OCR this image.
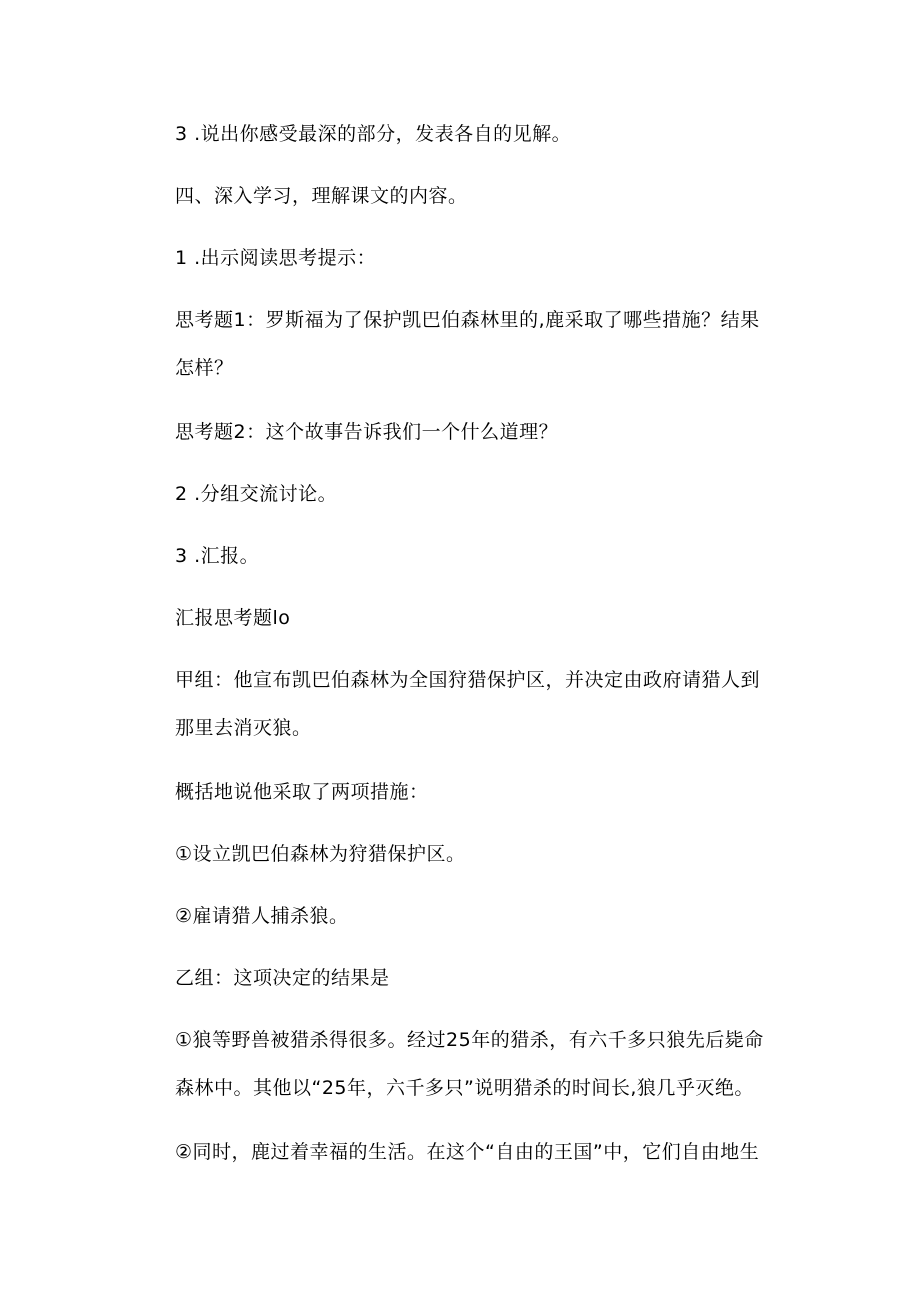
3 .说出你感受最深的部分，发表各自的见解。
四、深入学习，理解课文的内容。
1 .出示阅读思考提示：
思考题1：罗斯福为了保护凯巴伯森林里的,鹿采取了哪些措施？结果
怎样？
思考题2：这个故事告诉我们一个什么道理？
2 .分组交流讨论。
3 .汇报。
汇报思考题lo
甲组：他宣布凯巴伯森林为全国狩猎保护区，并决定由政府请猎人到
那里去消灭狼。
概括地说他采取了两项措施：
①设立凯巴伯森林为狩猎保护区。
②雇请猎人捕杀狼。
乙组：这项决定的结果是
①狼等野兽被猎杀得很多。经过25年的猎杀，有六千多只狼先后毙命
森林中。其他以“25年，六千多只”说明猎杀的时间长,狼几乎灭绝。
②同时，鹿过着幸福的生活。在这个“自由的王国”中，它们自由地生
